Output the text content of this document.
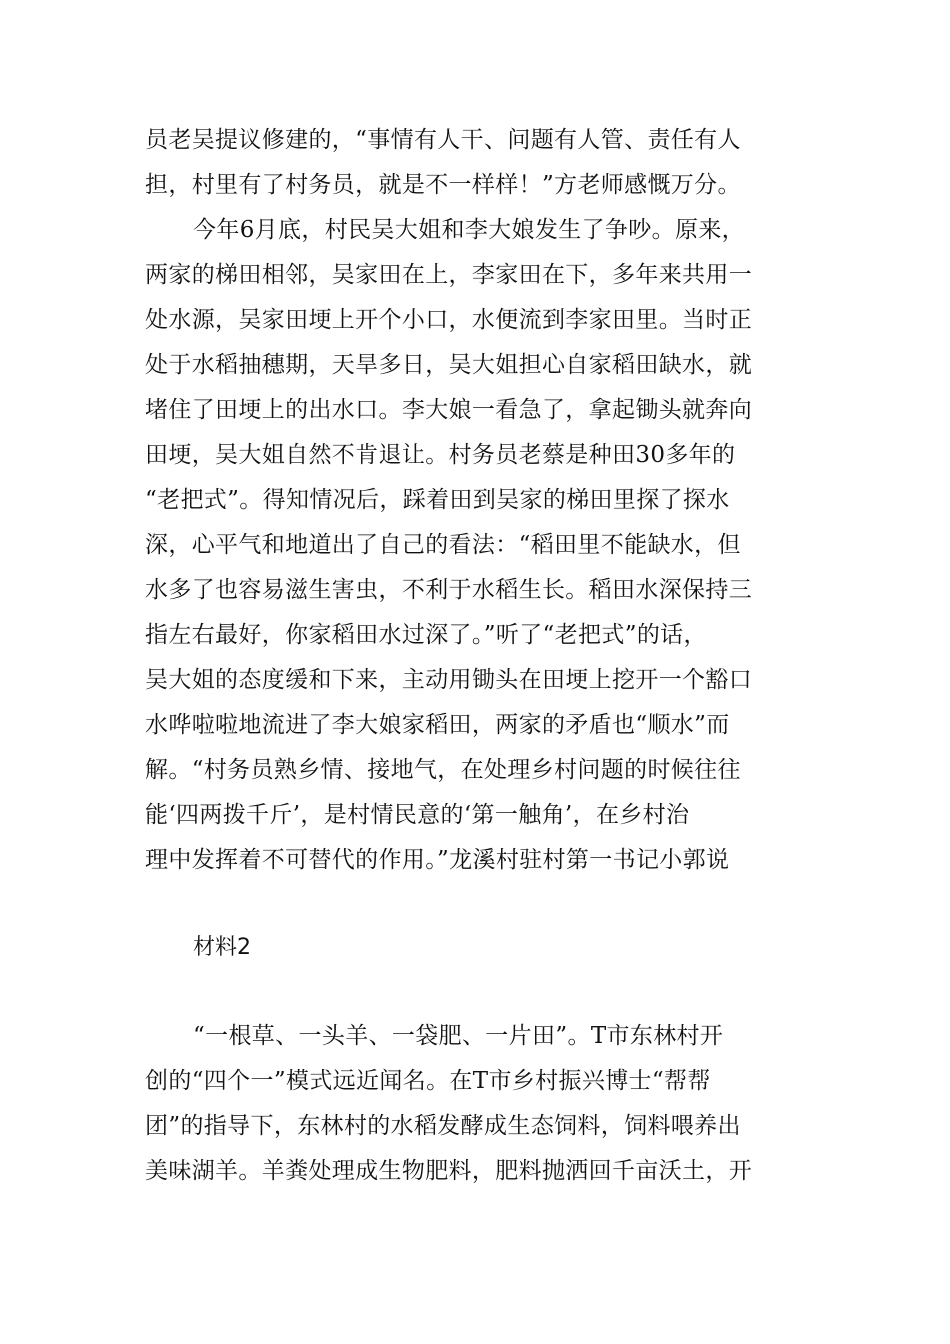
员老吴提议修建的，“事情有人干、问题有人管、责任有人
担，村里有了村务员，就是不一样样！”方老师感慨万分。
今年6月底，村民吴大姐和李大娘发生了争吵。原来，
两家的梯田相邻，吴家田在上，李家田在下，多年来共用一
处水源，吴家田埂上开个小口，水便流到李家田里。当时正
处于水稻抽穗期，天旱多日，吴大姐担心自家稻田缺水，就
堵住了田埂上的出水口。李大娘一看急了，拿起锄头就奔向
田埂，吴大姐自然不肯退让。村务员老蔡是种田30多年的
“老把式”。得知情况后，踩着田到吴家的梯田里探了探水
深，心平气和地道出了自己的看法：“稻田里不能缺水，但
水多了也容易滋生害虫，不利于水稻生长。稻田水深保持三
指左右最好，你家稻田水过深了。”听了“老把式”的话，
吴大姐的态度缓和下来，主动用锄头在田埂上挖开一个豁口
水哗啦啦地流进了李大娘家稻田，两家的矛盾也“顺水”而
解。“村务员熟乡情、接地气，在处理乡村问题的时候往往
能‘四两拨千斤’，是村情民意的‘第一触角’，在乡村治
理中发挥着不可替代的作用。”龙溪村驻村第一书记小郭说
材料2
“一根草、一头羊、一袋肥、一片田”。T市东林村开
创的“四个一”模式远近闻名。在T市乡村振兴博士“帮帮
团”的指导下，东林村的水稻发酵成生态饲料，饲料喂养出
美味湖羊。羊粪处理成生物肥料，肥料抛洒回千亩沃土，开
